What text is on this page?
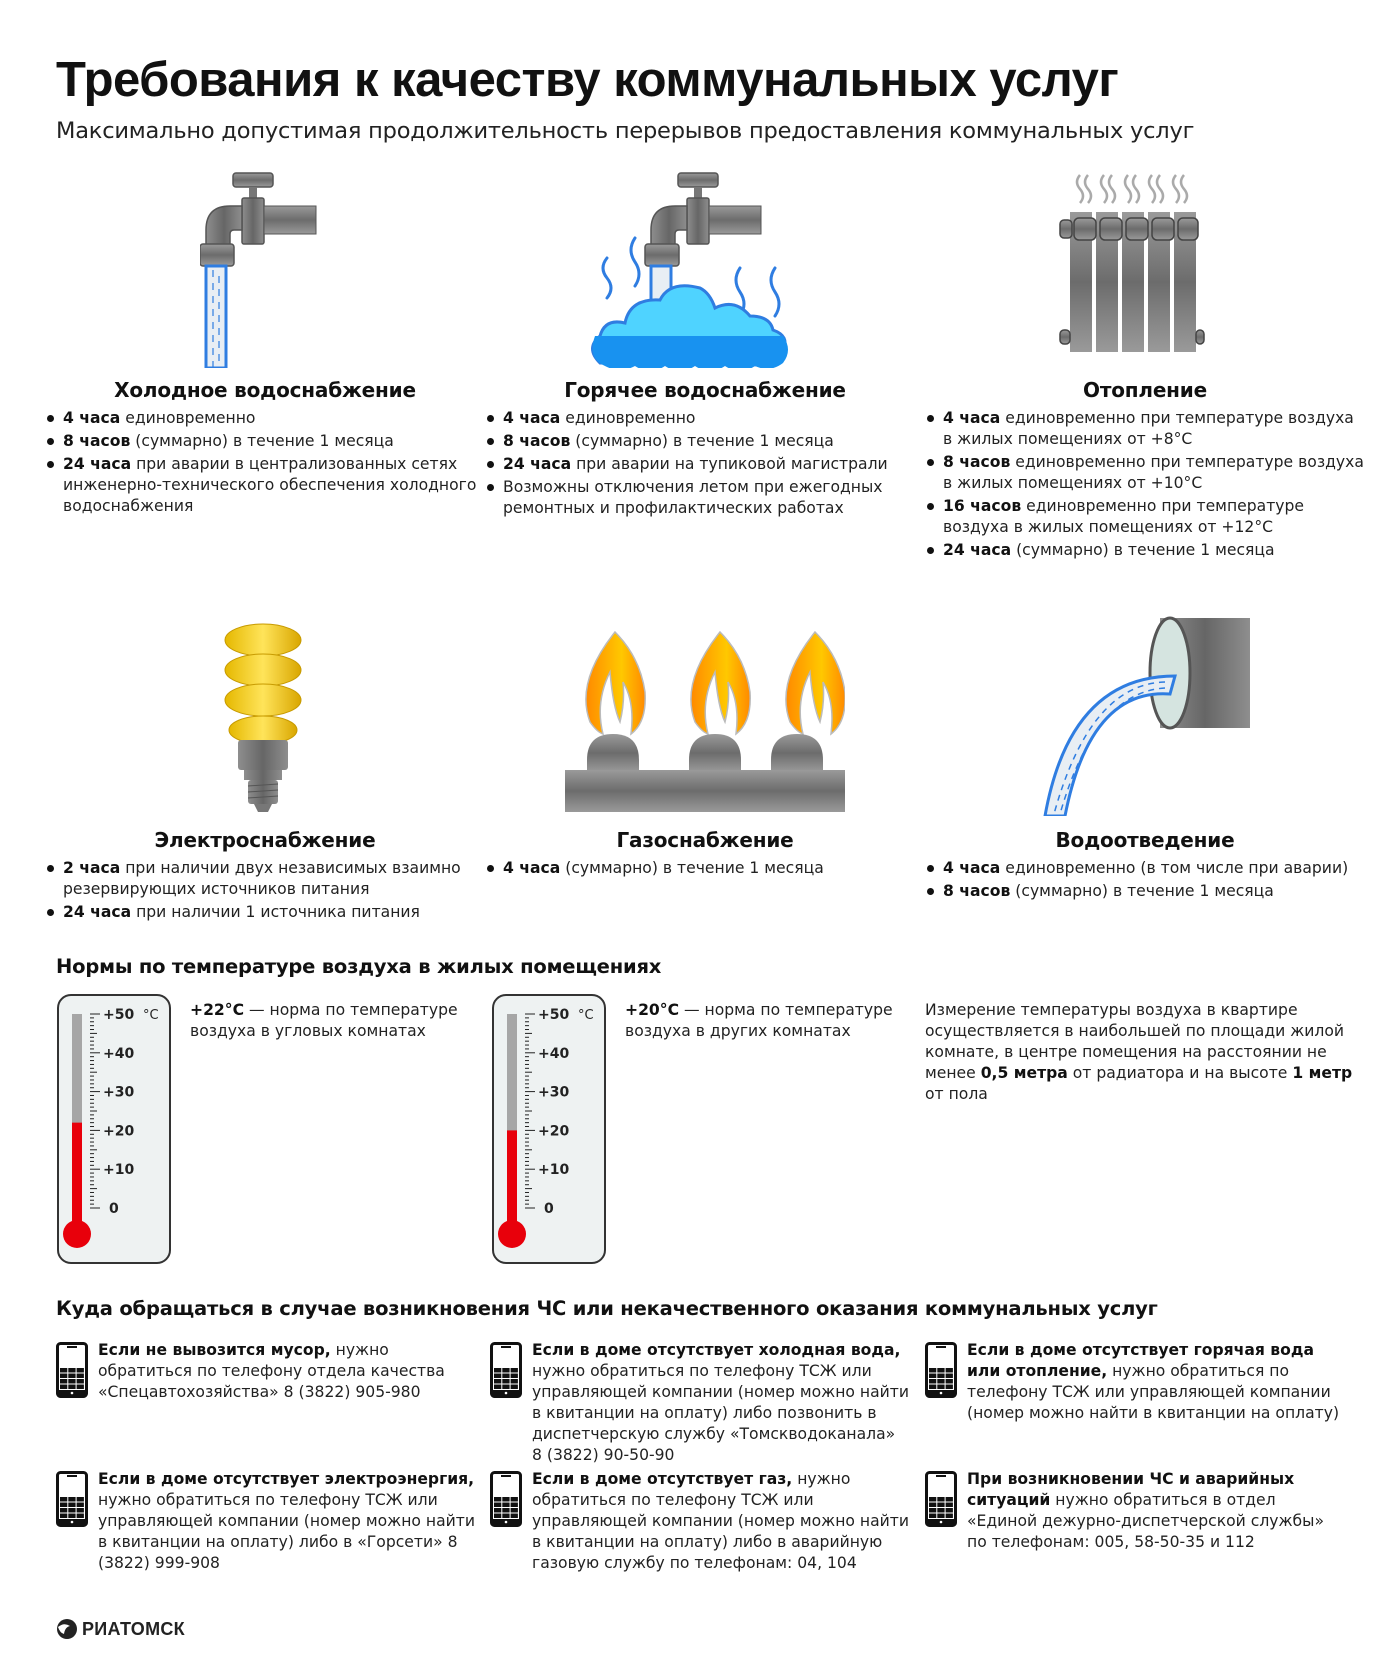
Требования к качеству коммунальных услуг
Максимально допустимая продолжительность перерывов предоставления коммунальных услуг
Холодное водоснабжение
4 часа единовременно
8 часов (суммарно) в течение 1 месяца
24 часа при аварии в централизованных сетях инженерно-технического обеспечения холодного водоснабжения
Горячее водоснабжение
4 часа единовременно
8 часов (суммарно) в течение 1 месяца
24 часа при аварии на тупиковой магистрали
Возможны отключения летом при ежегодных ремонтных и профилактических работах
Отопление
4 часа единовременно при температуре воздуха в жилых помещениях от +8°C
8 часов единовременно при температуре воздуха в жилых помещениях от +10°C
16 часов единовременно при температуре воздуха в жилых помещениях от +12°C
24 часа (суммарно) в течение 1 месяца
Электроснабжение
2 часа при наличии двух независимых взаимно резервирующих источников питания
24 часа при наличии 1 источника питания
Газоснабжение
4 часа (суммарно) в течение 1 месяца
Водоотведение
4 часа единовременно (в том числе при аварии)
8 часов (суммарно) в течение 1 месяца
Нормы по температуре воздуха в жилых помещениях
+50
+40
+30
+20
+10
0
°C +22°C — норма по температуре воздуха в угловых комнатах
+50
+40
+30
+20
+10
0
°C +20°C — норма по температуре воздуха в других комнатах
Измерение температуры воздуха в квартире осуществляется в наибольшей по площади жилой комнате, в центре помещения на расстоянии не менее 0,5 метра от радиатора и на высоте 1 метр от пола
Куда обращаться в случае возникновения ЧС или некачественного оказания коммунальных услуг
Если не вывозится мусор, нужно обратиться по телефону отдела качества «Спецавтохозяйства» 8 (3822) 905-980
Если в доме отсутствует холодная вода, нужно обратиться по телефону ТСЖ или управляющей компании (номер можно найти в квитанции на оплату) либо позвонить в диспетчерскую службу «Томскводоканала» 8 (3822) 90-50-90
Если в доме отсутствует горячая вода или отопление, нужно обратиться по телефону ТСЖ или управляющей компании (номер можно найти в квитанции на оплату)
Если в доме отсутствует электроэнергия, нужно обратиться по телефону ТСЖ или управляющей компании (номер можно найти в квитанции на оплату) либо в «Горсети» 8 (3822) 999-908
Если в доме отсутствует газ, нужно обратиться по телефону ТСЖ или управляющей компании (номер можно найти в квитанции на оплату) либо в аварийную газовую службу по телефонам: 04, 104
При возникновении ЧС и аварийных ситуаций нужно обратиться в отдел «Единой дежурно-диспетчерской службы» по телефонам: 005, 58-50-35 и 112
РИАТОМСК
